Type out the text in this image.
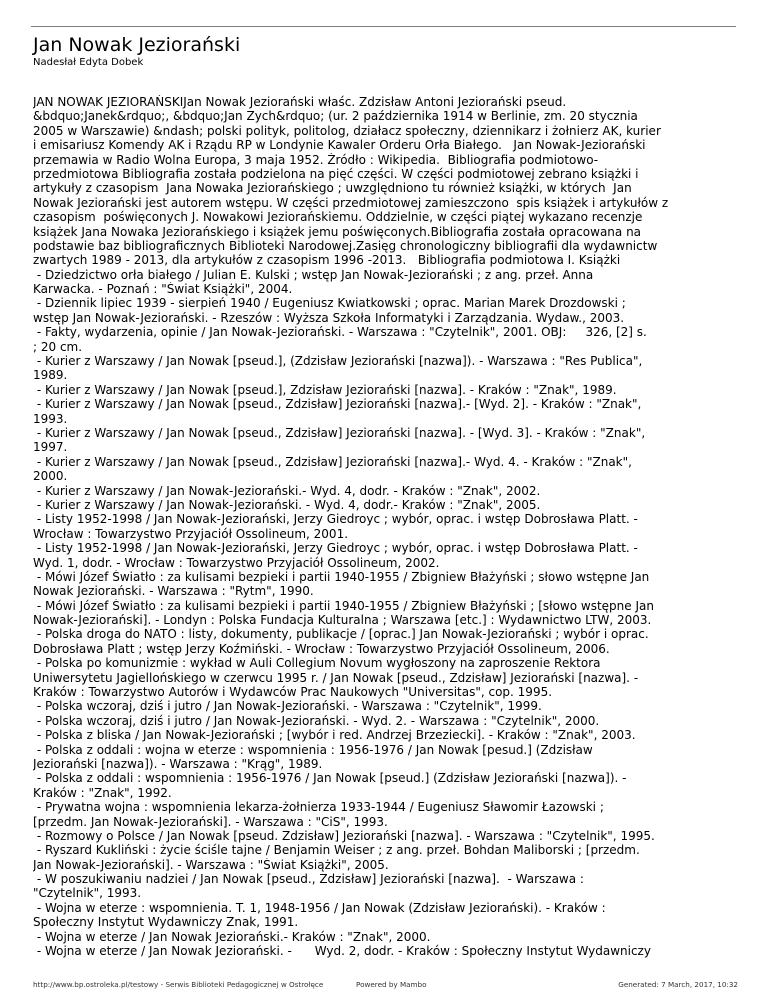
Jan Nowak Jeziorański
Nadesłał Edyta Dobek
JAN NOWAK JEZIORAŃSKIJan Nowak Jeziorański właśc. Zdzisław Antoni Jeziorański pseud.
&bdquo;Janek&rdquo;, &bdquo;Jan Zych&rdquo; (ur. 2 października 1914 w Berlinie, zm. 20 stycznia
2005 w Warszawie) &ndash; polski polityk, politolog, działacz społeczny, dziennikarz i żołnierz AK, kurier
i emisariusz Komendy AK i Rządu RP w Londynie Kawaler Orderu Orła Białego.   Jan Nowak-Jeziorański
przemawia w Radio Wolna Europa, 3 maja 1952. Źródło : Wikipedia.  Bibliografia podmiotowo-
przedmiotowa Bibliografia została podzielona na pięć części. W części podmiotowej zebrano książki i
artykuły z czasopism  Jana Nowaka Jeziorańskiego ; uwzględniono tu również książki, w których  Jan
Nowak Jeziorański jest autorem wstępu. W części przedmiotowej zamieszczono  spis książek i artykułów z
czasopism  poświęconych J. Nowakowi Jeziorańskiemu. Oddzielnie, w części piątej wykazano recenzje
książek Jana Nowaka Jeziorańskiego i książek jemu poświęconych.Bibliografia została opracowana na
podstawie baz bibliograficznych Biblioteki Narodowej.Zasięg chronologiczny bibliografii dla wydawnictw
zwartych 1989 - 2013, dla artykułów z czasopism 1996 -2013.   Bibliografia podmiotowa I. Książki
- Dziedzictwo orła białego / Julian E. Kulski ; wstęp Jan Nowak-Jeziorański ; z ang. przeł. Anna
Karwacka. - Poznań : "Świat Książki", 2004.
- Dziennik lipiec 1939 - sierpień 1940 / Eugeniusz Kwiatkowski ; oprac. Marian Marek Drozdowski ;
wstęp Jan Nowak-Jeziorański. - Rzeszów : Wyższa Szkoła Informatyki i Zarządzania. Wydaw., 2003.
- Fakty, wydarzenia, opinie / Jan Nowak-Jeziorański. - Warszawa : "Czytelnik", 2001. OBJ:     326, [2] s.
; 20 cm.
- Kurier z Warszawy / Jan Nowak [pseud.], (Zdzisław Jeziorański [nazwa]). - Warszawa : "Res Publica",
1989.
- Kurier z Warszawy / Jan Nowak [pseud.], Zdzisław Jeziorański [nazwa]. - Kraków : "Znak", 1989.
- Kurier z Warszawy / Jan Nowak [pseud., Zdzisław] Jeziorański [nazwa].- [Wyd. 2]. - Kraków : "Znak",
1993.
- Kurier z Warszawy / Jan Nowak [pseud., Zdzisław] Jeziorański [nazwa]. - [Wyd. 3]. - Kraków : "Znak",
1997.
- Kurier z Warszawy / Jan Nowak [pseud., Zdzisław] Jeziorański [nazwa].- Wyd. 4. - Kraków : "Znak",
2000.
- Kurier z Warszawy / Jan Nowak-Jeziorański.- Wyd. 4, dodr. - Kraków : "Znak", 2002.
- Kurier z Warszawy / Jan Nowak-Jeziorański. - Wyd. 4, dodr.- Kraków : "Znak", 2005.
- Listy 1952-1998 / Jan Nowak-Jeziorański, Jerzy Giedroyc ; wybór, oprac. i wstęp Dobrosława Platt. -
Wrocław : Towarzystwo Przyjaciół Ossolineum, 2001.
- Listy 1952-1998 / Jan Nowak-Jeziorański, Jerzy Giedroyc ; wybór, oprac. i wstęp Dobrosława Platt. -
Wyd. 1, dodr. - Wrocław : Towarzystwo Przyjaciół Ossolineum, 2002.
- Mówi Józef Światło : za kulisami bezpieki i partii 1940-1955 / Zbigniew Błażyński ; słowo wstępne Jan
Nowak Jeziorański. - Warszawa : "Rytm", 1990.
- Mówi Józef Światło : za kulisami bezpieki i partii 1940-1955 / Zbigniew Błażyński ; [słowo wstępne Jan
Nowak-Jeziorański]. - Londyn : Polska Fundacja Kulturalna ; Warszawa [etc.] : Wydawnictwo LTW, 2003.
- Polska droga do NATO : listy, dokumenty, publikacje / [oprac.] Jan Nowak-Jeziorański ; wybór i oprac.
Dobrosława Platt ; wstęp Jerzy Koźmiński. - Wrocław : Towarzystwo Przyjaciół Ossolineum, 2006.
- Polska po komunizmie : wykład w Auli Collegium Novum wygłoszony na zaproszenie Rektora
Uniwersytetu Jagiellońskiego w czerwcu 1995 r. / Jan Nowak [pseud., Zdzisław] Jeziorański [nazwa]. -
Kraków : Towarzystwo Autorów i Wydawców Prac Naukowych "Universitas", cop. 1995.
- Polska wczoraj, dziś i jutro / Jan Nowak-Jeziorański. - Warszawa : "Czytelnik", 1999.
- Polska wczoraj, dziś i jutro / Jan Nowak-Jeziorański. - Wyd. 2. - Warszawa : "Czytelnik", 2000.
- Polska z bliska / Jan Nowak-Jeziorański ; [wybór i red. Andrzej Brzeziecki]. - Kraków : "Znak", 2003.
- Polska z oddali : wojna w eterze : wspomnienia : 1956-1976 / Jan Nowak [pesud.] (Zdzisław
Jeziorański [nazwa]). - Warszawa : "Krąg", 1989.
- Polska z oddali : wspomnienia : 1956-1976 / Jan Nowak [pseud.] (Zdzisław Jeziorański [nazwa]). -
Kraków : "Znak", 1992.
- Prywatna wojna : wspomnienia lekarza-żołnierza 1933-1944 / Eugeniusz Sławomir Łazowski ;
[przedm. Jan Nowak-Jeziorański]. - Warszawa : "CiS", 1993.
- Rozmowy o Polsce / Jan Nowak [pseud. Zdzisław] Jeziorański [nazwa]. - Warszawa : "Czytelnik", 1995.
- Ryszard Kukliński : życie ściśle tajne / Benjamin Weiser ; z ang. przeł. Bohdan Maliborski ; [przedm.
Jan Nowak-Jeziorański]. - Warszawa : "Świat Książki", 2005.
- W poszukiwaniu nadziei / Jan Nowak [pseud., Zdzisław] Jeziorański [nazwa].  - Warszawa :
"Czytelnik", 1993.
- Wojna w eterze : wspomnienia. T. 1, 1948-1956 / Jan Nowak (Zdzisław Jeziorański). - Kraków :
Społeczny Instytut Wydawniczy Znak, 1991.
- Wojna w eterze / Jan Nowak Jeziorański.- Kraków : "Znak", 2000.
- Wojna w eterze / Jan Nowak Jeziorański. -      Wyd. 2, dodr. - Kraków : Społeczny Instytut Wydawniczy
http://www.bp.ostroleka.pl/testowy - Serwis Biblioteki Pedagogicznej w Ostrołęce	Powered by Mambo	Generated: 7 March, 2017, 10:32
